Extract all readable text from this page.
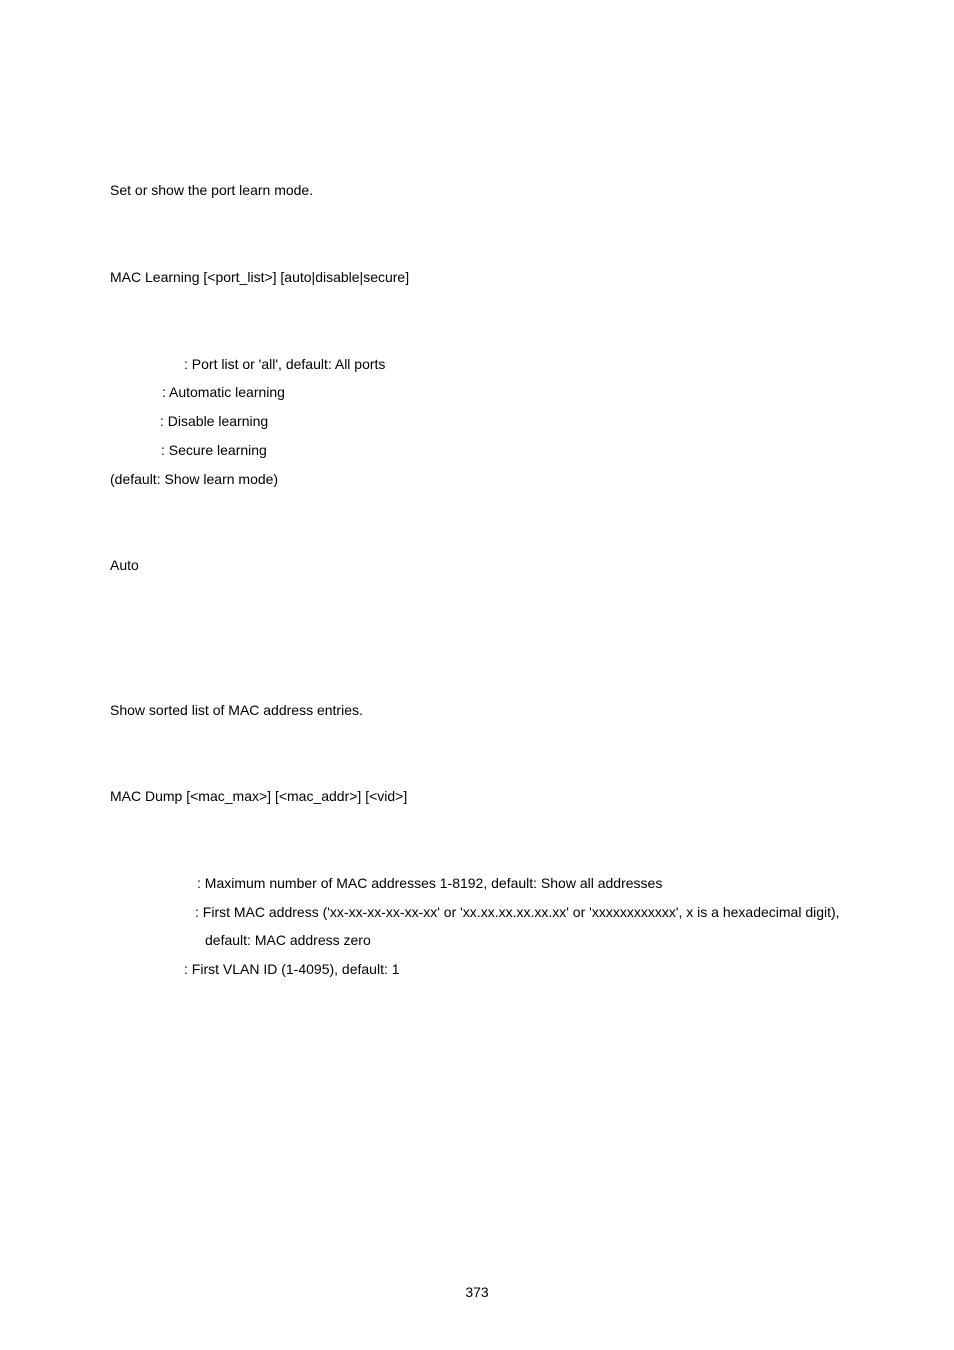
Set or show the port learn mode.
MAC Learning [<port_list>] [auto|disable|secure]
: Port list or 'all', default: All ports
: Automatic learning
: Disable learning
: Secure learning
(default: Show learn mode)
Auto
Show sorted list of MAC address entries.
MAC Dump [<mac_max>] [<mac_addr>] [<vid>]
: Maximum number of MAC addresses 1-8192, default: Show all addresses
: First MAC address ('xx-xx-xx-xx-xx-xx' or 'xx.xx.xx.xx.xx.xx' or 'xxxxxxxxxxxx', x is a hexadecimal digit),
default: MAC address zero
: First VLAN ID (1-4095), default: 1
373
